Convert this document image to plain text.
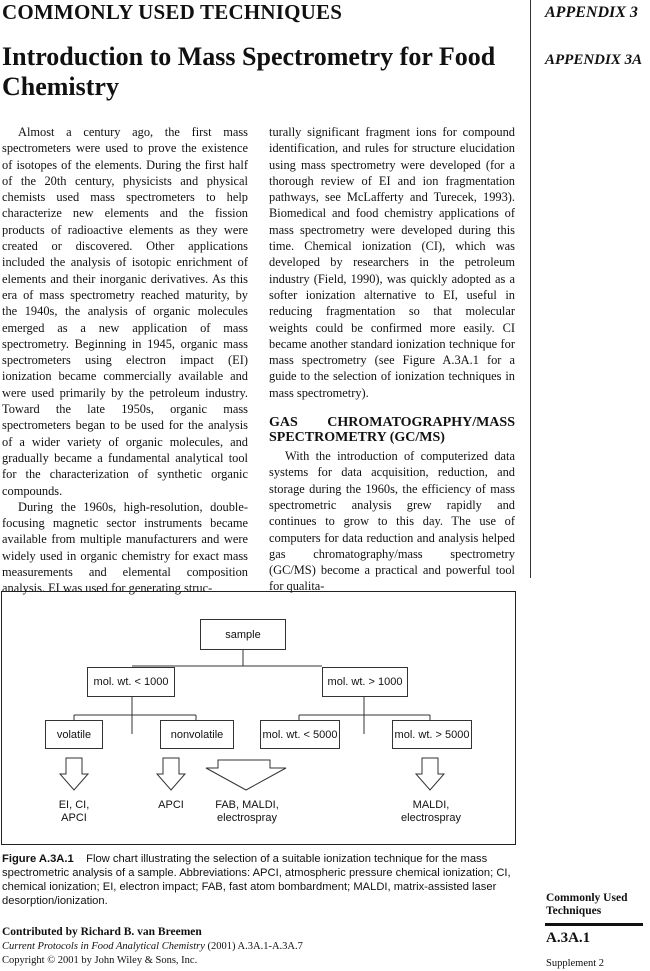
COMMONLY USED TECHNIQUES	APPENDIX 3
APPENDIX 3A
Introduction to Mass Spectrometry for Food Chemistry

Almost a century ago, the first mass spectrometers were used to prove the existence of isotopes of the elements. During the first half of the 20th century, physicists and physical chemists used mass spectrometers to help characterize new elements and the fission products of radioactive elements as they were created or discovered. Other applications included the analysis of isotopic enrichment of elements and their inorganic derivatives. As this era of mass spectrometry reached maturity, by the 1940s, the analysis of organic molecules emerged as a new application of mass spectrometry. Beginning in 1945, organic mass spectrometers using electron impact (EI) ionization became commercially available and were used primarily by the petroleum industry. Toward the late 1950s, organic mass spectrometers began to be used for the analysis of a wider variety of organic molecules, and gradually became a fundamental analytical tool for the characterization of synthetic organic compounds.

During the 1960s, high-resolution, double-focusing magnetic sector instruments became available from multiple manufacturers and were widely used in organic chemistry for exact mass measurements and elemental composition analysis. EI was used for generating struc-

turally significant fragment ions for compound identification, and rules for structure elucidation using mass spectrometry were developed (for a thorough review of EI and ion fragmentation pathways, see McLafferty and Turecek, 1993). Biomedical and food chemistry applications of mass spectrometry were developed during this time. Chemical ionization (CI), which was developed by researchers in the petroleum industry (Field, 1990), was quickly adopted as a softer ionization alternative to EI, useful in reducing fragmentation so that molecular weights could be confirmed more easily. CI became another standard ionization technique for mass spectrometry (see Figure A.3A.1 for a guide to the selection of ionization techniques in mass spectrometry).

GAS CHROMATOGRAPHY/MASS SPECTROMETRY (GC/MS)

With the introduction of computerized data systems for data acquisition, reduction, and storage during the 1960s, the efficiency of mass spectrometric analysis grew rapidly and continues to grow to this day. The use of computers for data reduction and analysis helped gas chromatography/mass spectrometry (GC/MS) become a practical and powerful tool for qualita-

sample
mol. wt. < 1000	mol. wt. > 1000
volatile	nonvolatile	mol. wt. < 5000	mol. wt. > 5000
EI, CI,
APCI
APCI	FAB, MALDI,
electrospray
MALDI,
electrospray
Figure A.3A.1 Flow chart illustrating the selection of a suitable ionization technique for the mass spectrometric analysis of a sample. Abbreviations: APCI, atmospheric pressure chemical ionization; CI, chemical ionization; EI, electron impact; FAB, fast atom bombardment; MALDI, matrix-assisted laser desorption/ionization.
Contributed by Richard B. van Breemen
Current Protocols in Food Analytical Chemistry (2001) A.3A.1-A.3A.7
Copyright © 2001 by John Wiley & Sons, Inc.
Commonly Used Techniques
A.3A.1
Supplement 2
